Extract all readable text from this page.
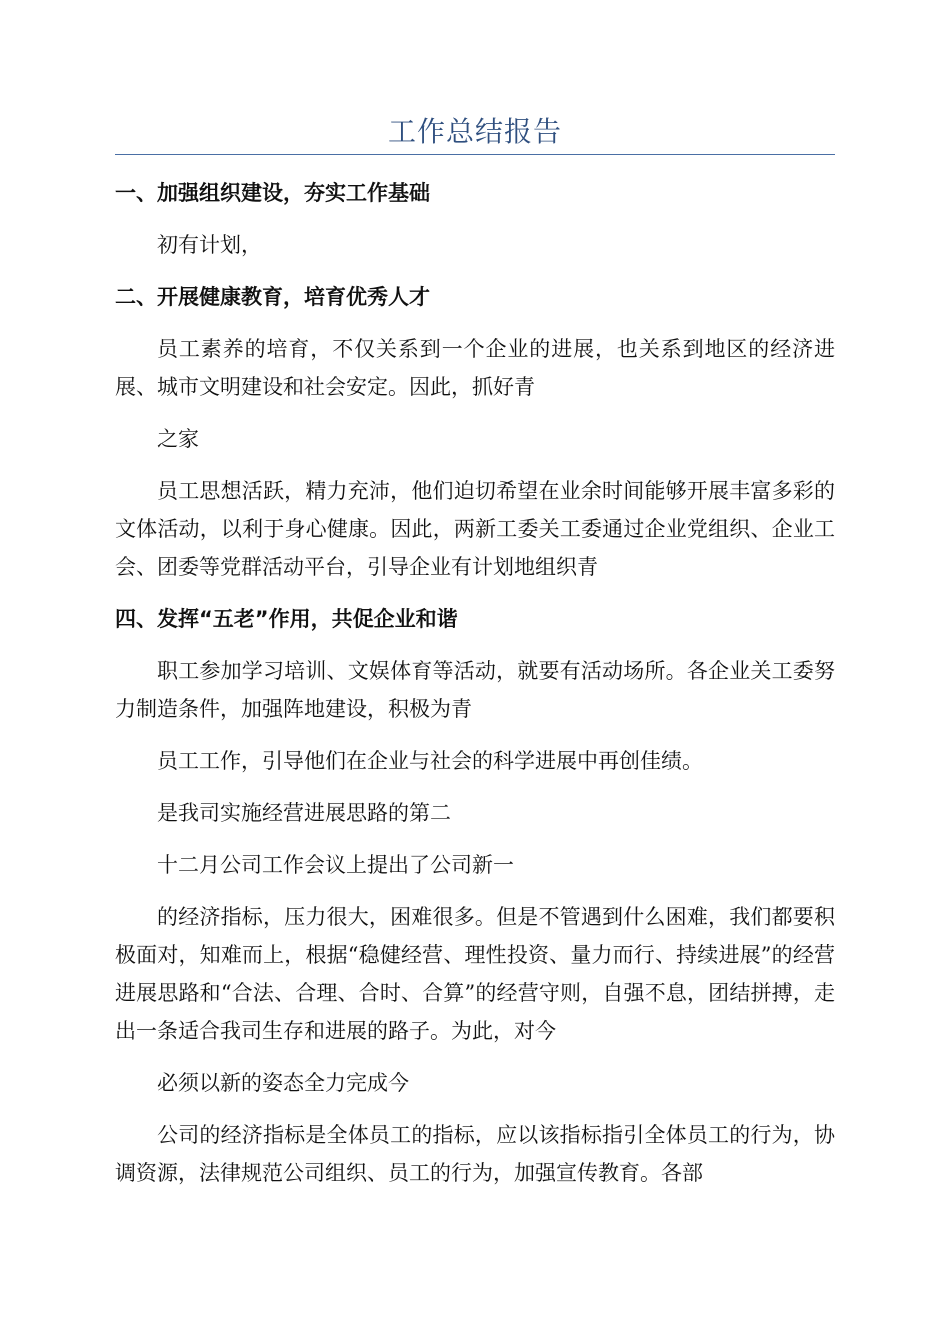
工作总结报告
一、加强组织建设，夯实工作基础

初有计划，

二、开展健康教育，培育优秀人才

员工素养的培育，不仅关系到一个企业的进展，也关系到地区的经济进展、城市文明建设和社会安定。因此，抓好青

之家

员工思想活跃，精力充沛，他们迫切希望在业余时间能够开展丰富多彩的文体活动，以利于身心健康。因此，两新工委关工委通过企业党组织、企业工会、团委等党群活动平台，引导企业有计划地组织青

四、发挥“五老”作用，共促企业和谐

职工参加学习培训、文娱体育等活动，就要有活动场所。各企业关工委努力制造条件，加强阵地建设，积极为青

员工工作，引导他们在企业与社会的科学进展中再创佳绩。

是我司实施经营进展思路的第二

十二月公司工作会议上提出了公司新一

的经济指标，压力很大，困难很多。但是不管遇到什么困难，我们都要积极面对，知难而上，根据“稳健经营、理性投资、量力而行、持续进展”的经营进展思路和“合法、合理、合时、合算”的经营守则，自强不息，团结拼搏，走出一条适合我司生存和进展的路子。为此，对今

必须以新的姿态全力完成今

公司的经济指标是全体员工的指标，应以该指标指引全体员工的行为，协调资源，法律规范公司组织、员工的行为，加强宣传教育。各部
